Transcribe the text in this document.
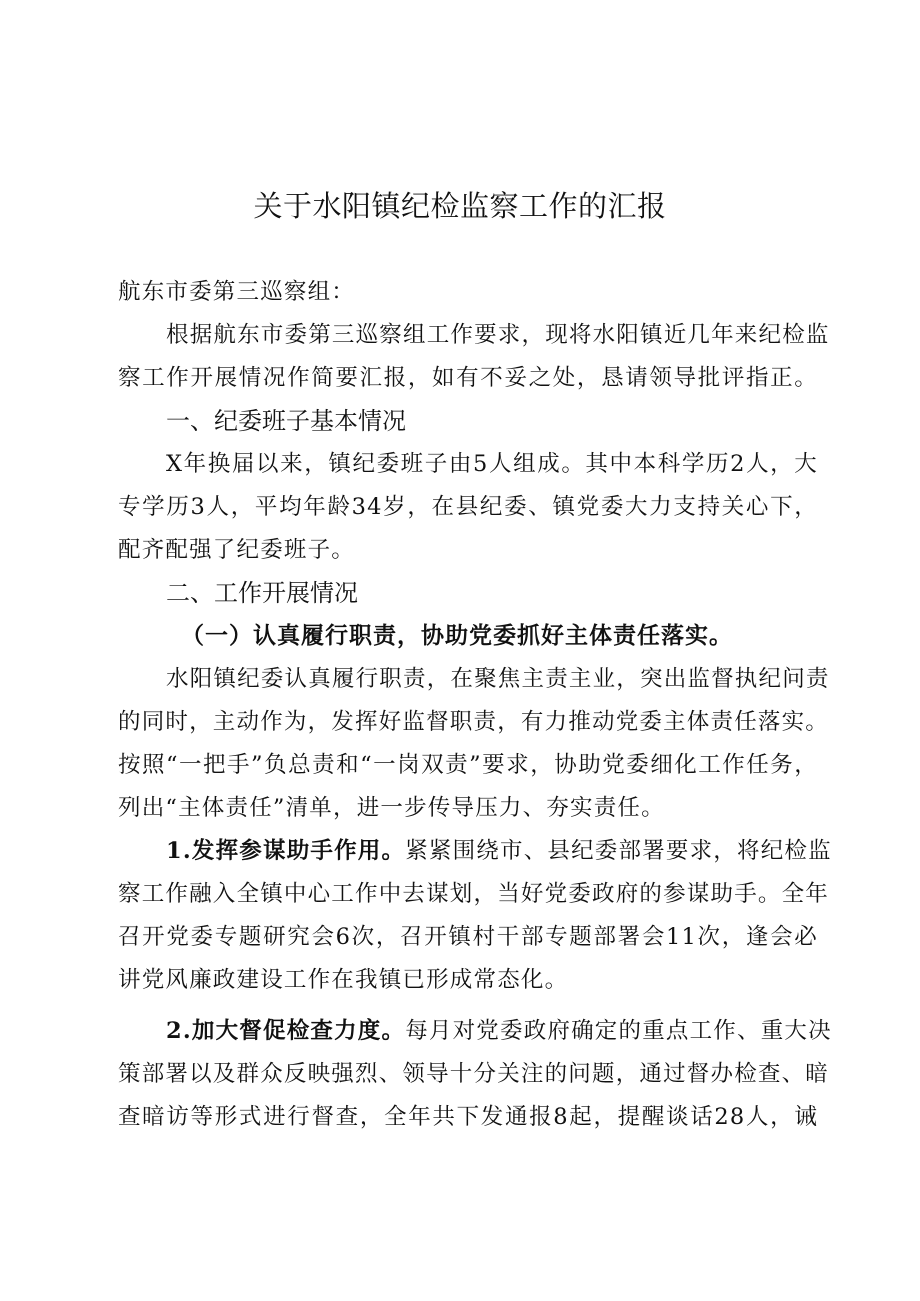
关于水阳镇纪检监察工作的汇报
航东市委第三巡察组：
根据航东市委第三巡察组工作要求，现将水阳镇近几年来纪检监
察工作开展情况作简要汇报，如有不妥之处，恳请领导批评指正。
一、纪委班子基本情况
X年换届以来，镇纪委班子由5人组成。其中本科学历2人，大
专学历3人，平均年龄34岁，在县纪委、镇党委大力支持关心下，
配齐配强了纪委班子。
二、工作开展情况
（一）认真履行职责，协助党委抓好主体责任落实。
水阳镇纪委认真履行职责，在聚焦主责主业，突出监督执纪问责
的同时，主动作为，发挥好监督职责，有力推动党委主体责任落实。
按照“一把手”负总责和“一岗双责”要求，协助党委细化工作任务，
列出“主体责任”清单，进一步传导压力、夯实责任。
1.发挥参谋助手作用。紧紧围绕市、县纪委部署要求，将纪检监
察工作融入全镇中心工作中去谋划，当好党委政府的参谋助手。全年
召开党委专题研究会6次，召开镇村干部专题部署会11次，逢会必
讲党风廉政建设工作在我镇已形成常态化。
2.加大督促检查力度。每月对党委政府确定的重点工作、重大决
策部署以及群众反映强烈、领导十分关注的问题，通过督办检查、暗
查暗访等形式进行督查，全年共下发通报8起，提醒谈话28人，诫
